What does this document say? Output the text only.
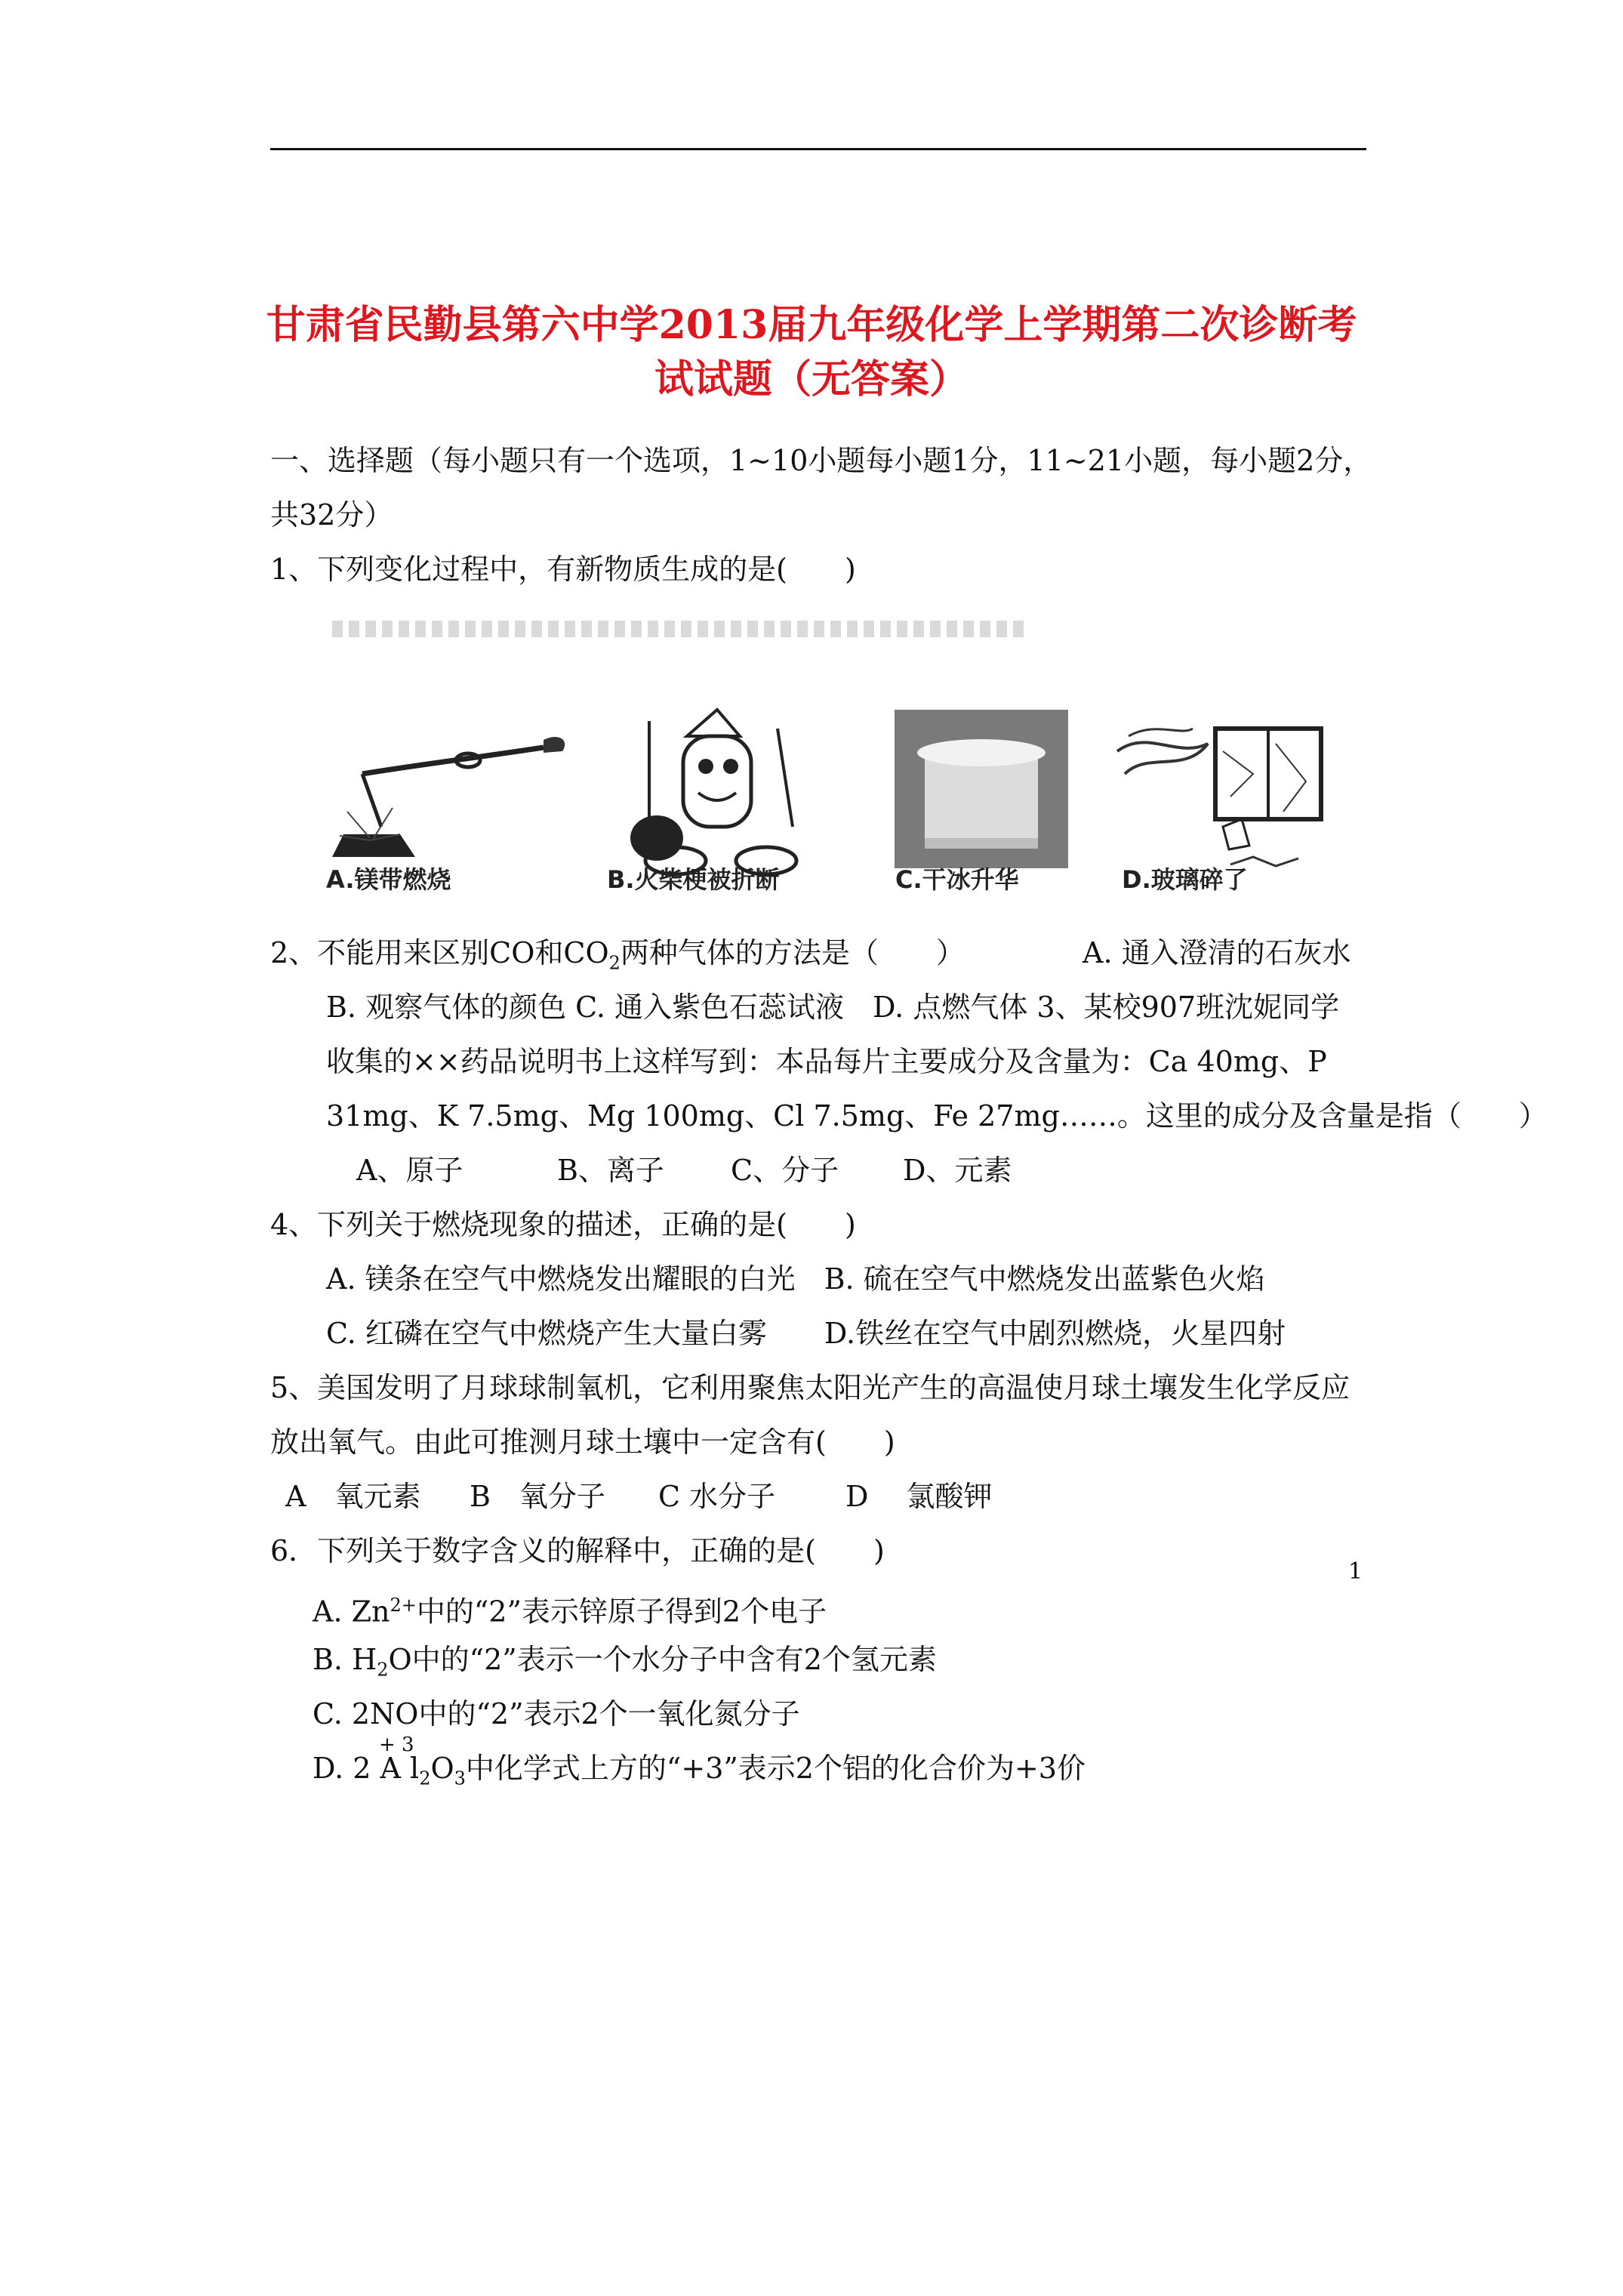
甘肃省民勤县第六中学2013届九年级化学上学期第二次诊断考
试试题（无答案）
一、选择题（每小题只有一个选项，1~10小题每小题1分，11~21小题，每小题2分，
共32分）
1、下列变化过程中，有新物质生成的是(　　)
A.镁带燃烧	B.火柴梗被折断	C.干冰升华	D.玻璃碎了
2、不能用来区别CO和$CO_2$两种气体的方法是（　　）	A. 通入澄清的石灰水
B. 观察气体的颜色 C. 通入紫色石蕊试液　D. 点燃气体 3、某校907班沈妮同学
收集的××药品说明书上这样写到：本品每片主要成分及含量为：Ca 40mg、P
31mg、K 7.5mg、Mg 100mg、Cl 7.5mg、Fe 27mg……。这里的成分及含量是指（　　）
A、原子	B、离子 C、分子 D、元素
4、下列关于燃烧现象的描述，正确的是(　　)
A. 镁条在空气中燃烧发出耀眼的白光　B. 硫在空气中燃烧发出蓝紫色火焰
C. 红磷在空气中燃烧产生大量白雾　　D.铁丝在空气中剧烈燃烧，火星四射
5、美国发明了月球球制氧机，它利用聚焦太阳光产生的高温使月球土壤发生化学反应
放出氧气。由此可推测月球土壤中一定含有(　　)
A　氧元素 B　氧分子 C 水分子 D　 氯酸钾
6．下列关于数字含义的解释中，正确的是(　　)
A. $Zn^{2+}$中的“2”表示锌原子得到2个电子
B. $H_2O$中的“2”表示一个水分子中含有2个氢元素
C. 2NO中的“2”表示2个一氧化氮分子
+ 3
D. 2 A $l_2O_3$中化学式上方的“+3”表示2个铝的化合价为+3价
1
